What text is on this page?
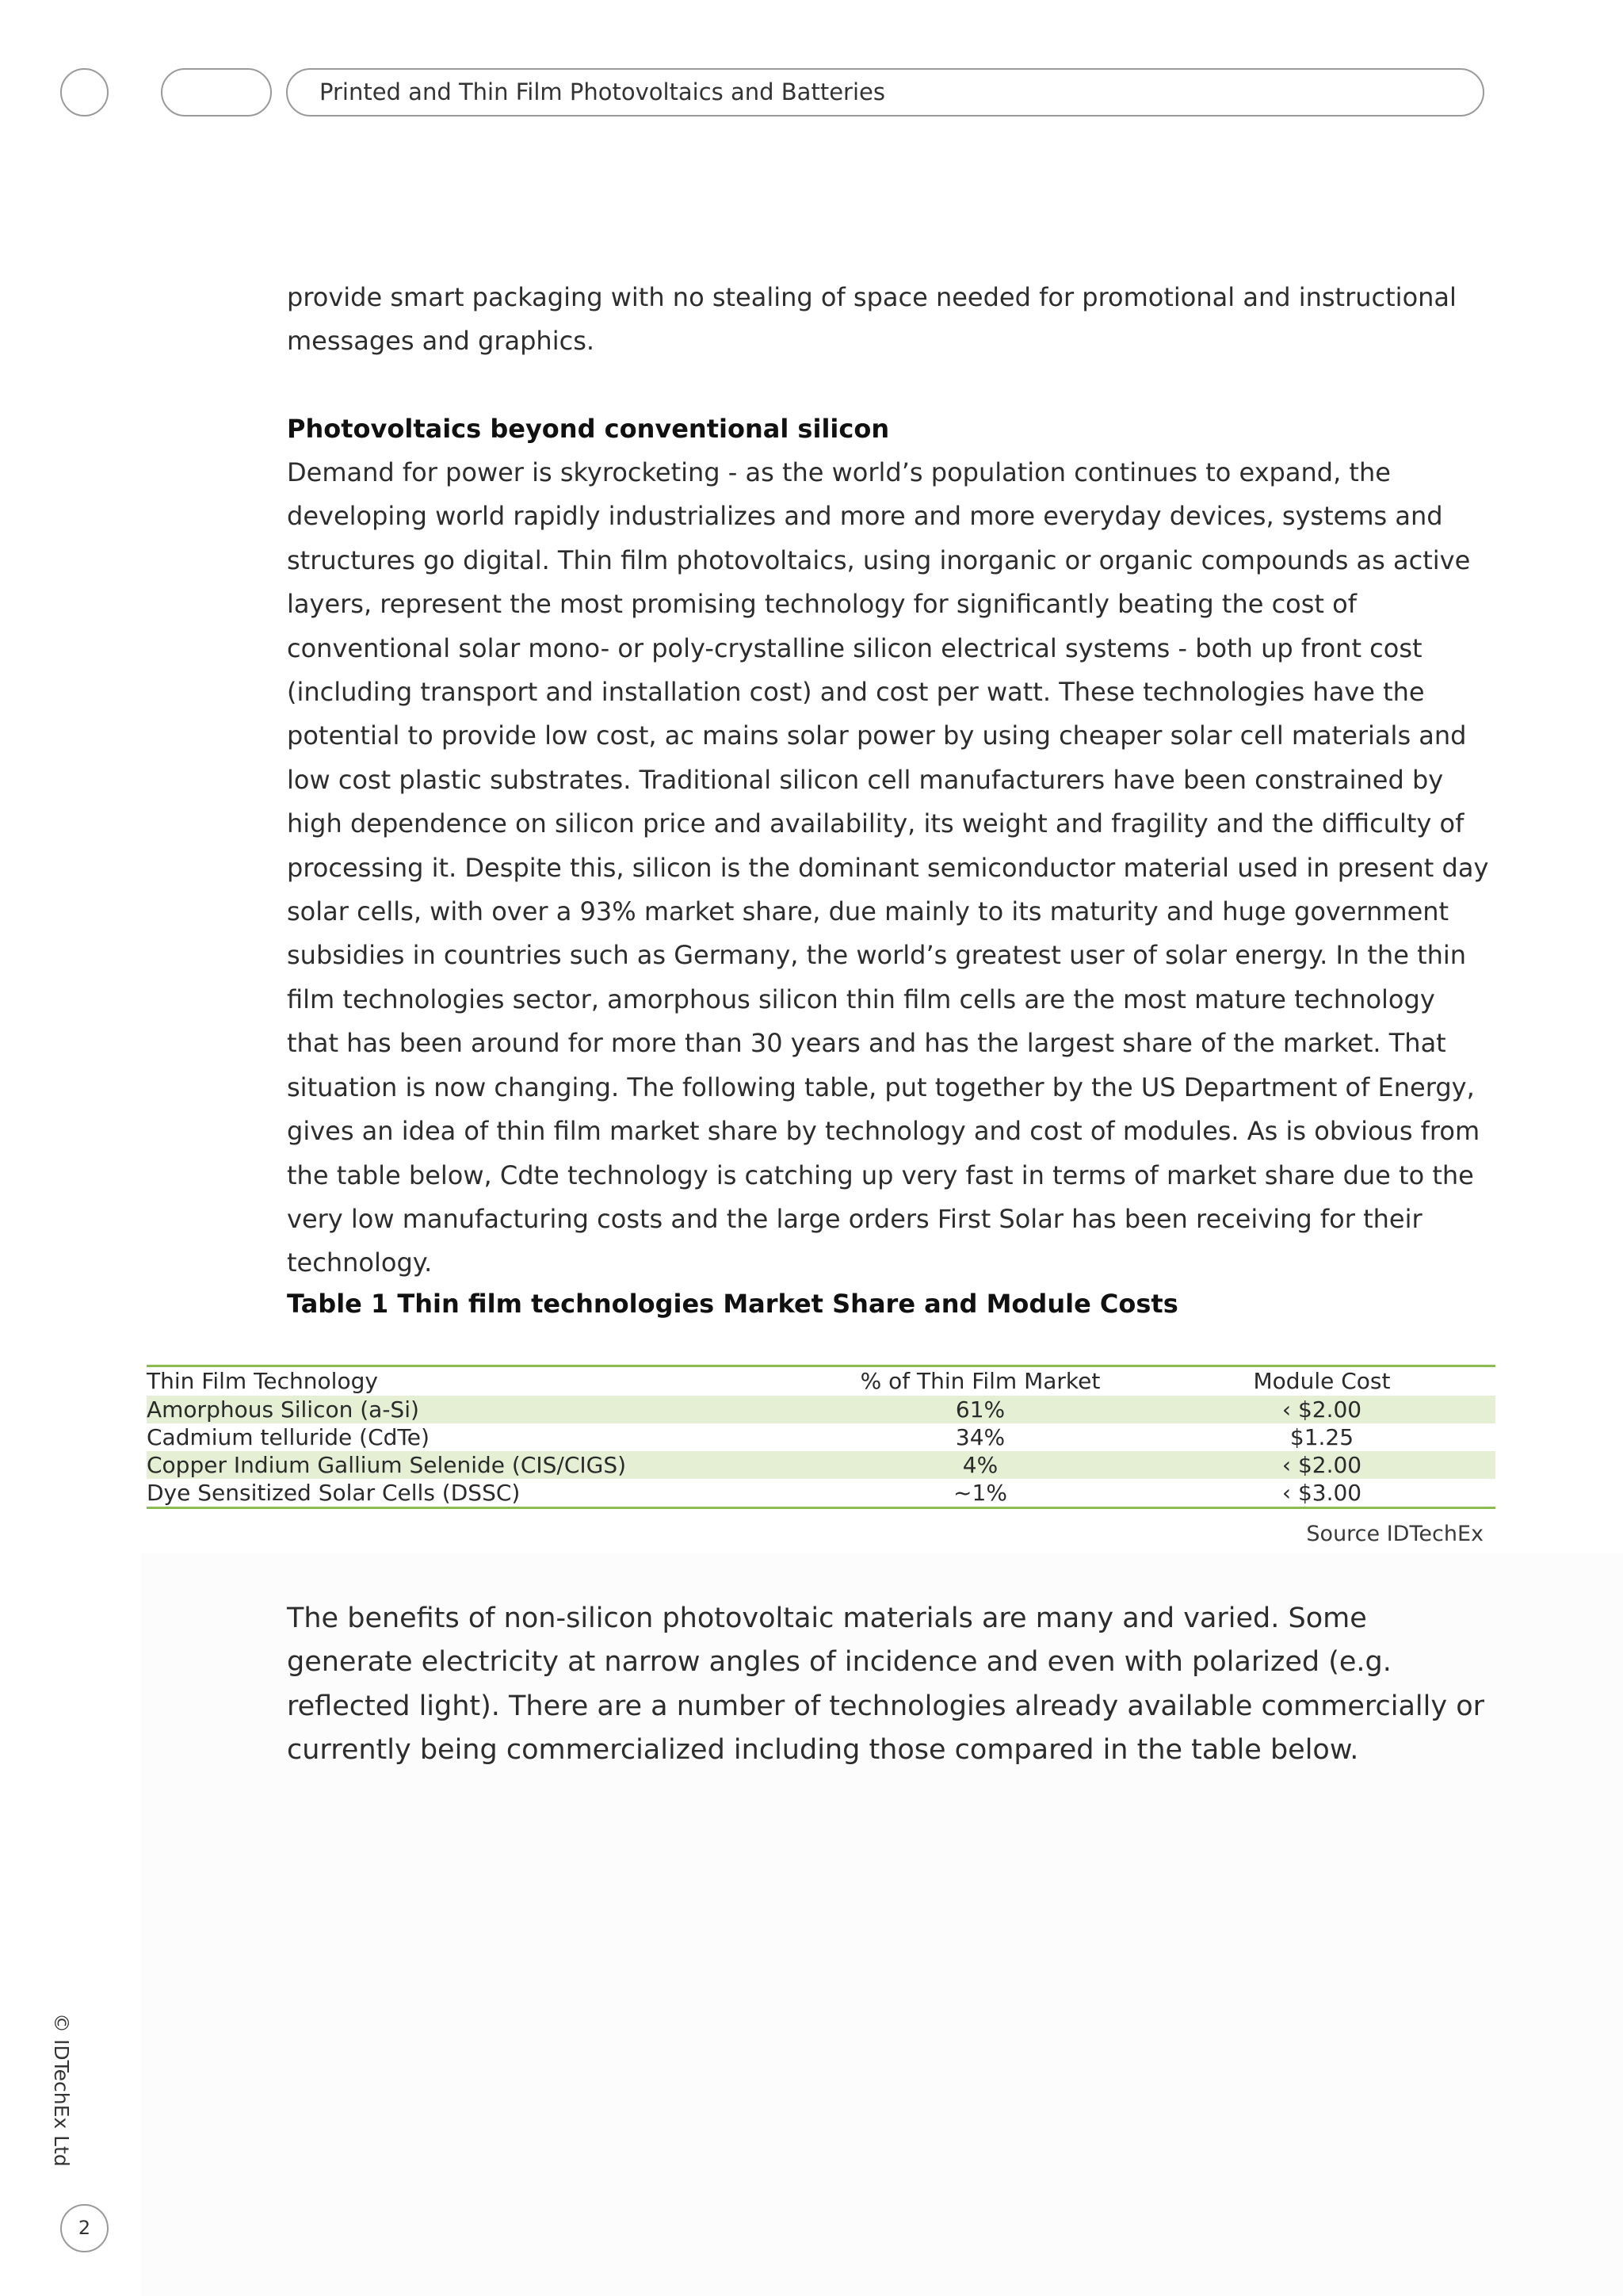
Printed and Thin Film Photovoltaics and Batteries

provide smart packaging with no stealing of space needed for promotional and instructional messages and graphics.

Photovoltaics beyond conventional silicon

Demand for power is skyrocketing - as the world’s population continues to expand, the developing world rapidly industrializes and more and more everyday devices, systems and structures go digital. Thin film photovoltaics, using inorganic or organic compounds as active layers, represent the most promising technology for significantly beating the cost of conventional solar mono- or poly-crystalline silicon electrical systems - both up front cost (including transport and installation cost) and cost per watt. These technologies have the potential to provide low cost, ac mains solar power by using cheaper solar cell materials and low cost plastic substrates. Traditional silicon cell manufacturers have been constrained by high dependence on silicon price and availability, its weight and fragility and the difficulty of processing it. Despite this, silicon is the dominant semiconductor material used in present day solar cells, with over a 93% market share, due mainly to its maturity and huge government subsidies in countries such as Germany, the world’s greatest user of solar energy. In the thin film technologies sector, amorphous silicon thin film cells are the most mature technology that has been around for more than 30 years and has the largest share of the market. That situation is now changing. The following table, put together by the US Department of Energy, gives an idea of thin film market share by technology and cost of modules. As is obvious from the table below, Cdte technology is catching up very fast in terms of market share due to the very low manufacturing costs and the large orders First Solar has been receiving for their technology.

Table 1 Thin film technologies Market Share and Module Costs
Thin Film Technology	% of Thin Film Market	Module Cost
Amorphous Silicon (a-Si)	61%	‹ $2.00
Cadmium telluride (CdTe)	34%	$1.25
Copper Indium Gallium Selenide (CIS/CIGS)	4%	‹ $2.00
Dye Sensitized Solar Cells (DSSC)	~1%	‹ $3.00
Source IDTechEx

The benefits of non-silicon photovoltaic materials are many and varied. Some generate electricity at narrow angles of incidence and even with polarized (e.g. reflected light). There are a number of technologies already available commercially or currently being commercialized including those compared in the table below.

© IDTechEx Ltd
2
